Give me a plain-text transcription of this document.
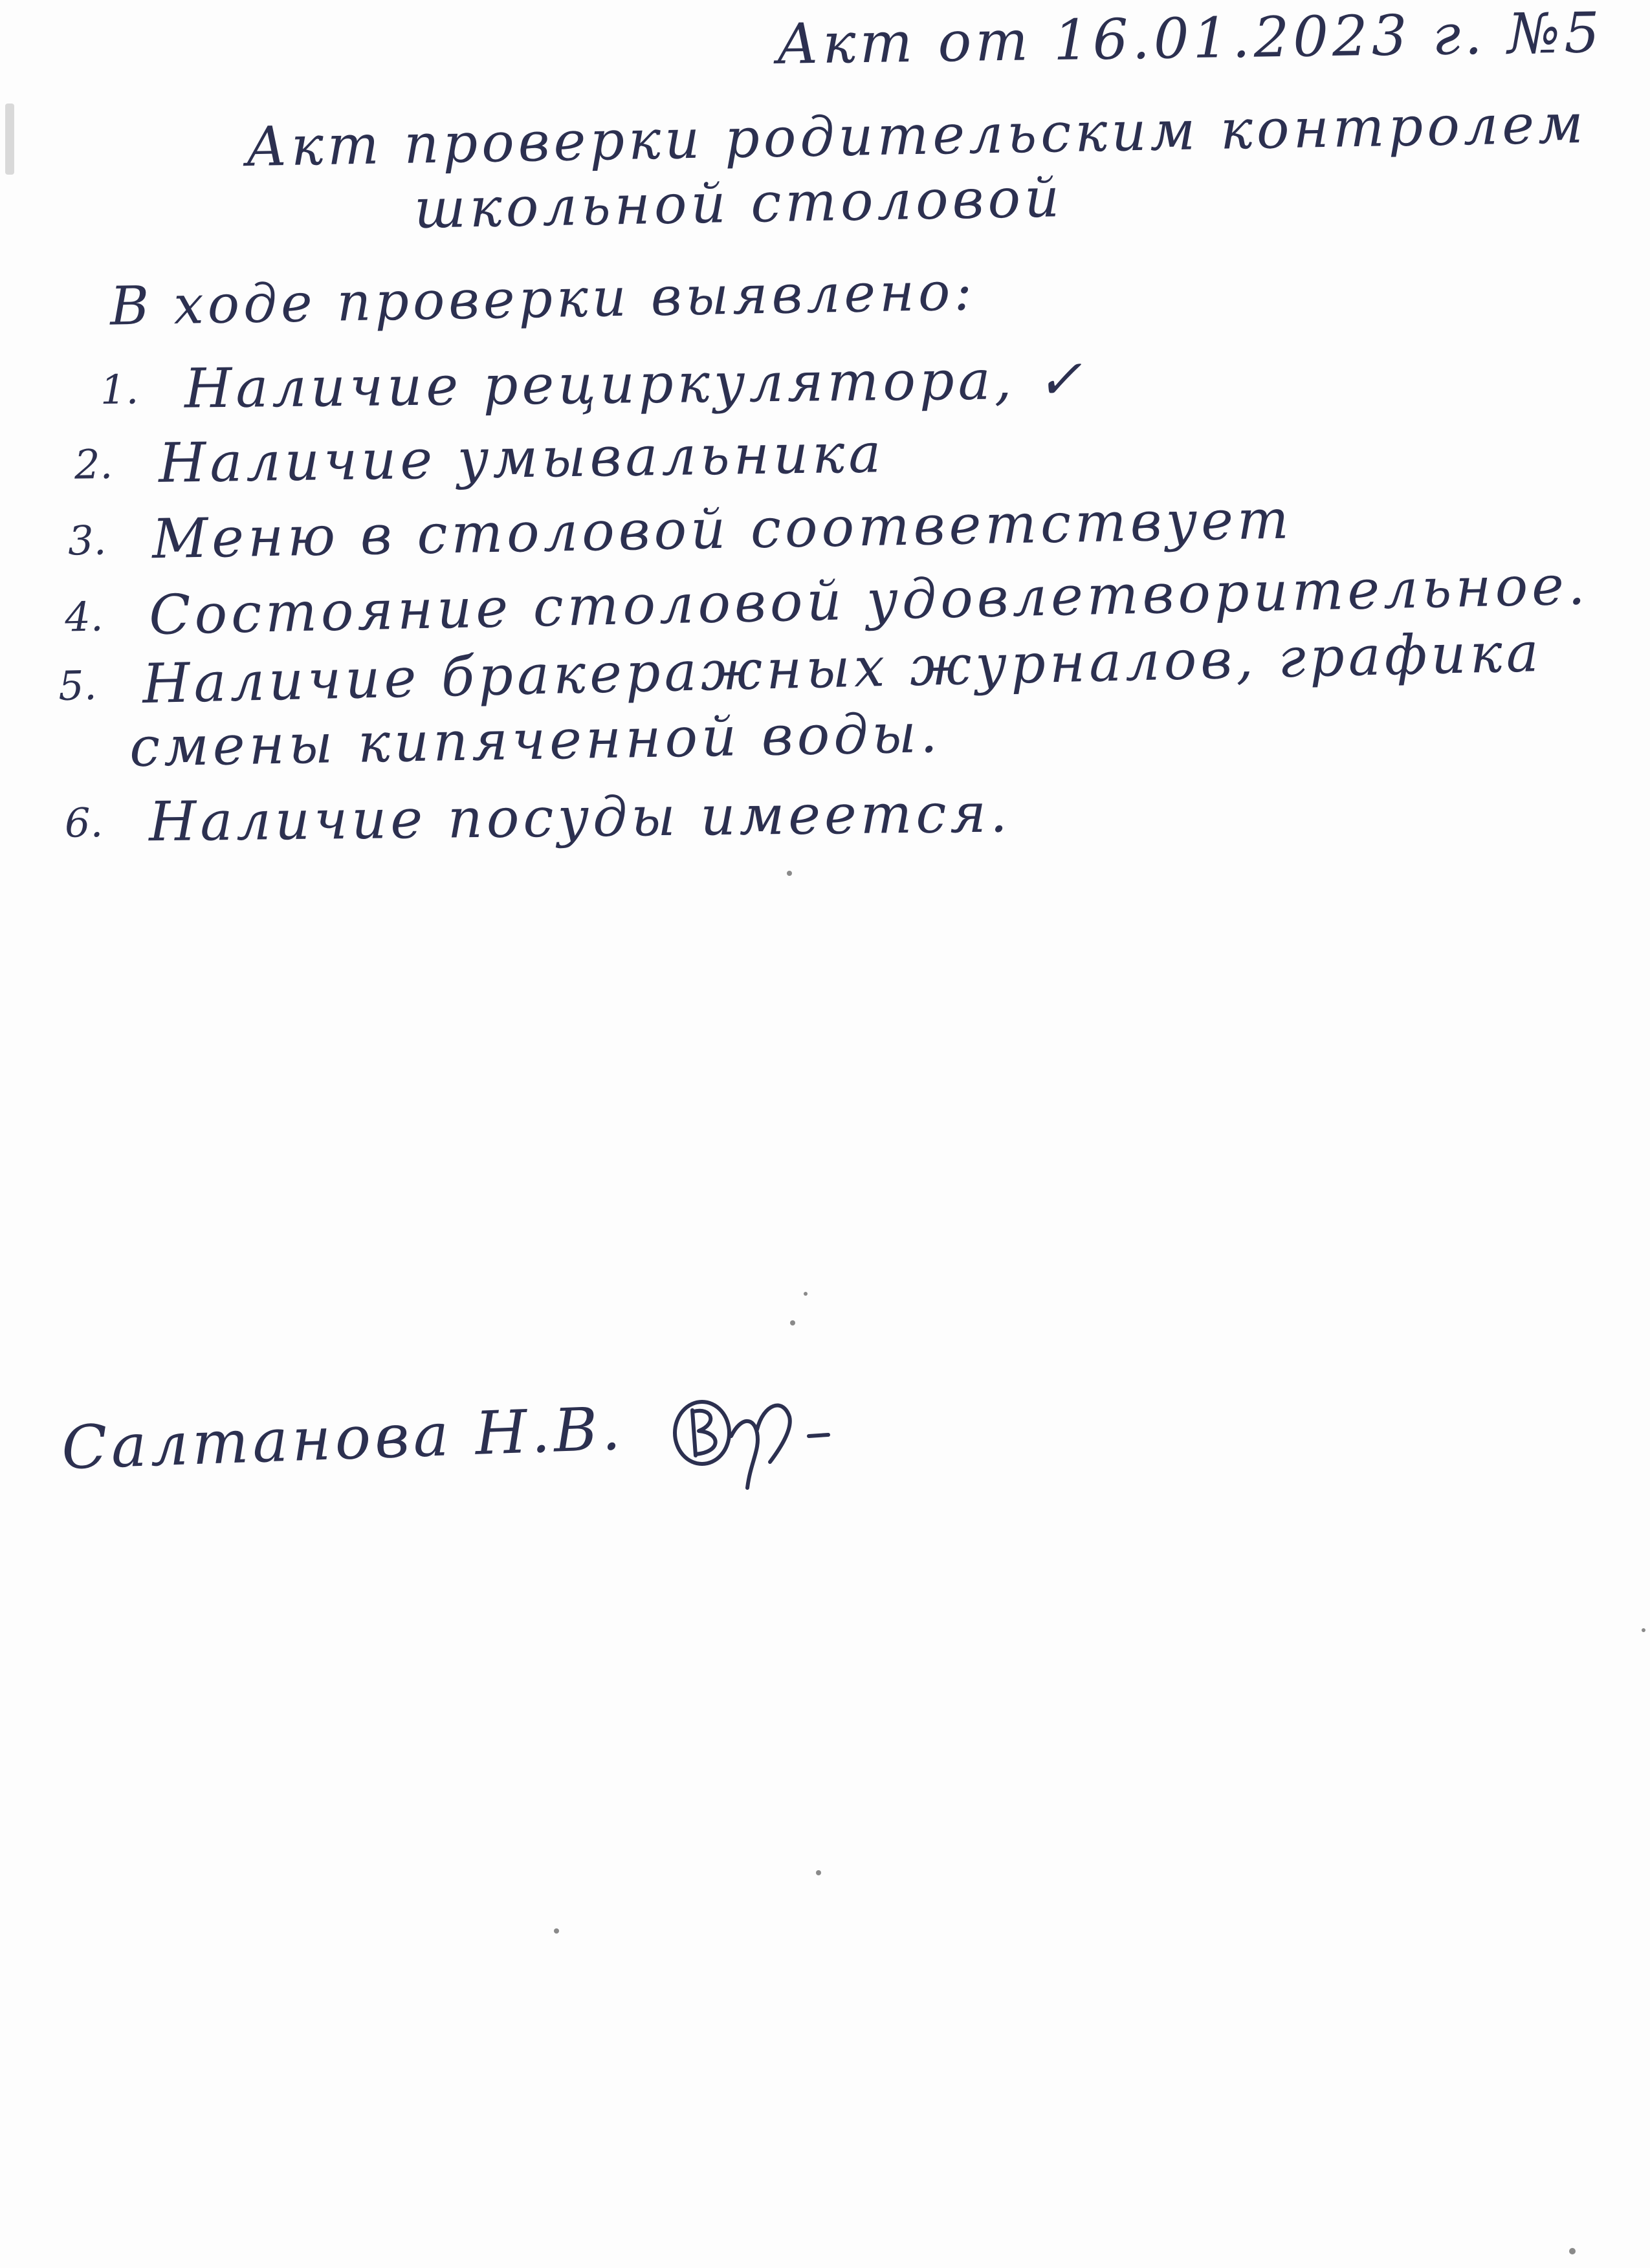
Акт от 16.01.2023 г. №5
Акт проверки родительским контролем
школьной столовой
В ходе проверки выявлено:
1. Наличие рециркулятора, ✓
2. Наличие умывальника
3. Меню в столовой соответствует
4. Состояние столовой удовлетворительное.
5. Наличие бракеражных журналов, графика
смены кипяченной воды.
6. Наличие посуды имеется.
Салтанова Н.В.
